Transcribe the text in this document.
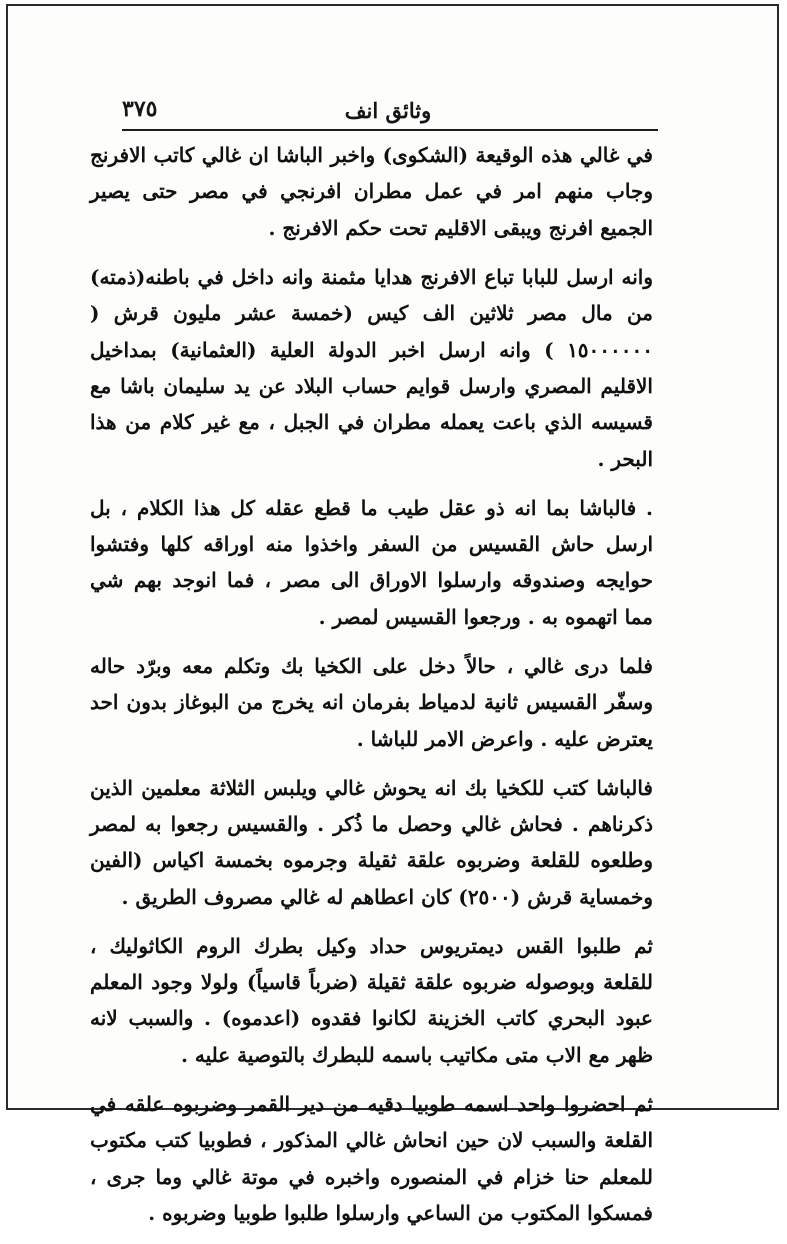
وثائق انف
٣٧٥

في غالي هذه الوقيعة (الشكوى) واخبر الباشا ان غالي كاتب الافرنج وجاب منهم امر في عمل مطران افرنجي في مصر حتى يصير الجميع افرنج ويبقى الاقليم تحت حكم الافرنج .

وانه ارسل للبابا تباع الافرنج هدايا مثمنة وانه داخل في باطنه(ذمته) من مال مصر ثلاثين الف كيس (خمسة عشر مليون قرش ( ١٥٠٠٠٠٠٠ ) وانه ارسل اخبر الدولة العلية (العثمانية) بمداخيل الاقليم المصري وارسل قوايم حساب البلاد عن يد سليمان باشا مع قسيسه الذي باعت يعمله مطران في الجبل ، مع غير كلام من هذا البحر .

. فالباشا بما انه ذو عقل طيب ما قطع عقله كل هذا الكلام ، بل ارسل حاش القسيس من السفر واخذوا منه اوراقه كلها وفتشوا حوايجه وصندوقه وارسلوا الاوراق الى مصر ، فما انوجد بهم شي مما اتهموه به . ورجعوا القسيس لمصر .

فلما درى غالي ، حالاً دخل على الكخيا بك وتكلم معه وبرّد حاله وسفّر القسيس ثانية لدمياط بفرمان انه يخرج من البوغاز بدون احد يعترض عليه . واعرض الامر للباشا .

فالباشا كتب للكخيا بك انه يحوش غالي ويلبس الثلاثة معلمين الذين ذكرناهم . فحاش غالي وحصل ما ذُكر . والقسيس رجعوا به لمصر وطلعوه للقلعة وضربوه علقة ثقيلة وجرموه بخمسة اكياس (الفين وخمساية قرش (٢٥٠٠) كان اعطاهم له غالي مصروف الطريق .

ثم طلبوا القس ديمتريوس حداد وكيل بطرك الروم الكاثوليك ، للقلعة وبوصوله ضربوه علقة ثقيلة (ضرباً قاسياً) ولولا وجود المعلم عبود البحري كاتب الخزينة لكانوا فقدوه (اعدموه) . والسبب لانه ظهر مع الاب متى مكاتيب باسمه للبطرك بالتوصية عليه .

ثم احضروا واحد اسمه طوبيا دقيه من دير القمر وضربوه علقه في القلعة والسبب لان حين انحاش غالي المذكور ، فطوبيا كتب مكتوب للمعلم حنا خزام في المنصوره واخبره في موتة غالي وما جرى ، فمسكوا المكتوب من الساعي وارسلوا طلبوا طوبيا وضربوه .
